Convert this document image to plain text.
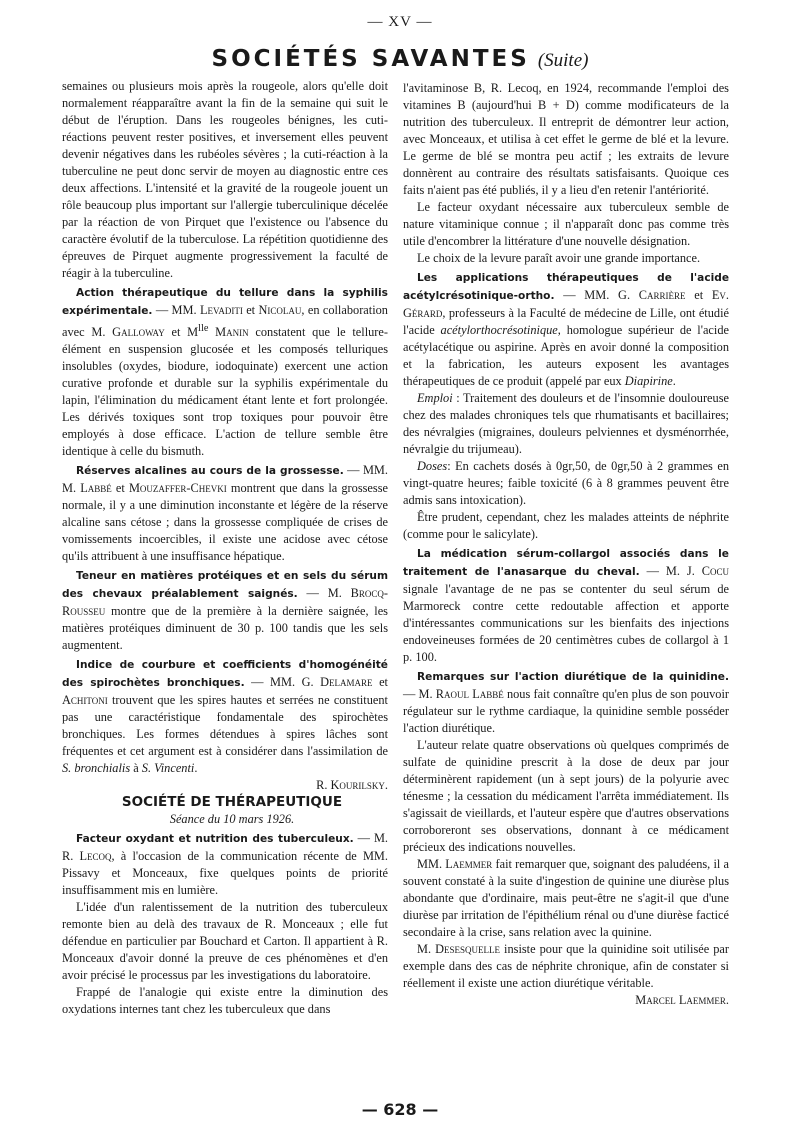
— XV —
SOCIÉTÉS SAVANTES (Suite)

semaines ou plusieurs mois après la rougeole, alors qu'elle doit normalement réapparaître avant la fin de la semaine qui suit le début de l'éruption. Dans les rougeoles bénignes, les cuti-réactions peuvent rester positives, et inversement elles peuvent devenir négatives dans les rubéoles sévères ; la cuti-réaction à la tuberculine ne peut donc servir de moyen au diagnostic entre ces deux affections. L'intensité et la gravité de la rougeole jouent un rôle beaucoup plus important sur l'allergie tuberculinique décelée par la réaction de von Pirquet que l'existence ou l'absence du caractère évolutif de la tuberculose. La répétition quotidienne des épreuves de Pirquet augmente progressivement la faculté de réagir à la tuberculine.

Action thérapeutique du tellure dans la syphilis expérimentale. — MM. Levaditi et Nicolau, en collaboration avec M. Galloway et $M^{lle}$ Manin constatent que le tellure-élément en suspension glucosée et les composés telluriques insolubles (oxydes, biodure, iodoquinate) exercent une action curative profonde et durable sur la syphilis expérimentale du lapin, l'élimination du médicament étant lente et fort prolongée. Les dérivés toxiques sont trop toxiques pour pouvoir être employés à dose efficace. L'action de tellure semble être identique à celle du bismuth.

Réserves alcalines au cours de la grossesse. — MM. M. Labbé et Mouzaffer-Chevki montrent que dans la grossesse normale, il y a une diminution inconstante et légère de la réserve alcaline sans cétose ; dans la grossesse compliquée de crises de vomissements incoercibles, il existe une acidose avec cétose qu'ils attribuent à une insuffisance hépatique.

Teneur en matières protéiques et en sels du sérum des chevaux préalablement saignés. — M. Brocq-Rousseu montre que de la première à la dernière saignée, les matières protéiques diminuent de 30 p. 100 tandis que les sels augmentent.

Indice de courbure et coefficients d'homogénéité des spirochètes bronchiques. — MM. G. Delamare et Achitoni trouvent que les spires hautes et serrées ne constituent pas une caractéristique fondamentale des spirochètes bronchiques. Les formes détendues à spires lâches sont fréquentes et cet argument est à considérer dans l'assimilation de S. bronchialis à S. Vincenti.

R. Kourilsky.

SOCIÉTÉ DE THÉRAPEUTIQUE

Séance du 10 mars 1926.

Facteur oxydant et nutrition des tuberculeux. — M. R. Lecoq, à l'occasion de la communication récente de MM. Pissavy et Monceaux, fixe quelques points de priorité insuffisamment mis en lumière.

L'idée d'un ralentissement de la nutrition des tuberculeux remonte bien au delà des travaux de R. Monceaux ; elle fut défendue en particulier par Bouchard et Carton. Il appartient à R. Monceaux d'avoir donné la preuve de ces phénomènes et d'en avoir précisé le processus par les investigations du laboratoire.

Frappé de l'analogie qui existe entre la diminution des oxydations internes tant chez les tuberculeux que dans

l'avitaminose B, R. Lecoq, en 1924, recommande l'emploi des vitamines B (aujourd'hui B + D) comme modificateurs de la nutrition des tuberculeux. Il entreprit de démontrer leur action, avec Monceaux, et utilisa à cet effet le germe de blé et la levure. Le germe de blé se montra peu actif ; les extraits de levure donnèrent au contraire des résultats satisfaisants. Quoique ces faits n'aient pas été publiés, il y a lieu d'en retenir l'antériorité.

Le facteur oxydant nécessaire aux tuberculeux semble de nature vitaminique connue ; il n'apparaît donc pas comme très utile d'encombrer la littérature d'une nouvelle désignation.

Le choix de la levure paraît avoir une grande importance.

Les applications thérapeutiques de l'acide acétylcrésotinique-ortho. — MM. G. Carrière et Ev. Gérard, professeurs à la Faculté de médecine de Lille, ont étudié l'acide acétylorthocrésotinique, homologue supérieur de l'acide acétylacétique ou aspirine. Après en avoir donné la composition et la fabrication, les auteurs exposent les avantages thérapeutiques de ce produit (appelé par eux Diapirine.

Emploi : Traitement des douleurs et de l'insomnie douloureuse chez des malades chroniques tels que rhumatisants et bacillaires; des névralgies (migraines, douleurs pelviennes et dysménorrhée, névralgie du trijumeau).

Doses: En cachets dosés à 0gr,50, de 0gr,50 à 2 grammes en vingt-quatre heures; faible toxicité (6 à 8 grammes peuvent être admis sans intoxication).

Être prudent, cependant, chez les malades atteints de néphrite (comme pour le salicylate).

La médication sérum-collargol associés dans le traitement de l'anasarque du cheval. — M. J. Cocu signale l'avantage de ne pas se contenter du seul sérum de Marmoreck contre cette redoutable affection et apporte d'intéressantes communications sur les bienfaits des injections endoveineuses formées de 20 centimètres cubes de collargol à 1 p. 100.

Remarques sur l'action diurétique de la quinidine. — M. Raoul Labbé nous fait connaître qu'en plus de son pouvoir régulateur sur le rythme cardiaque, la quinidine semble posséder l'action diurétique.

L'auteur relate quatre observations où quelques comprimés de sulfate de quinidine prescrit à la dose de deux par jour déterminèrent rapidement (un à sept jours) de la polyurie avec ténesme ; la cessation du médicament l'arrêta immédiatement. Ils s'agissait de vieillards, et l'auteur espère que d'autres observations corroboreront ses observations, donnant à ce médicament précieux des indications nouvelles.

MM. Laemmer fait remarquer que, soignant des paludéens, il a souvent constaté à la suite d'ingestion de quinine une diurèse plus abondante que d'ordinaire, mais peut-être ne s'agit-il que d'une diurèse par irritation de l'épithélium rénal ou d'une diurèse facticé secondaire à la crise, sans relation avec la quinine.

M. Desesquelle insiste pour que la quinidine soit utilisée par exemple dans des cas de néphrite chronique, afin de constater si réellement il existe une action diurétique véritable.

Marcel Laemmer.

— 628 —
